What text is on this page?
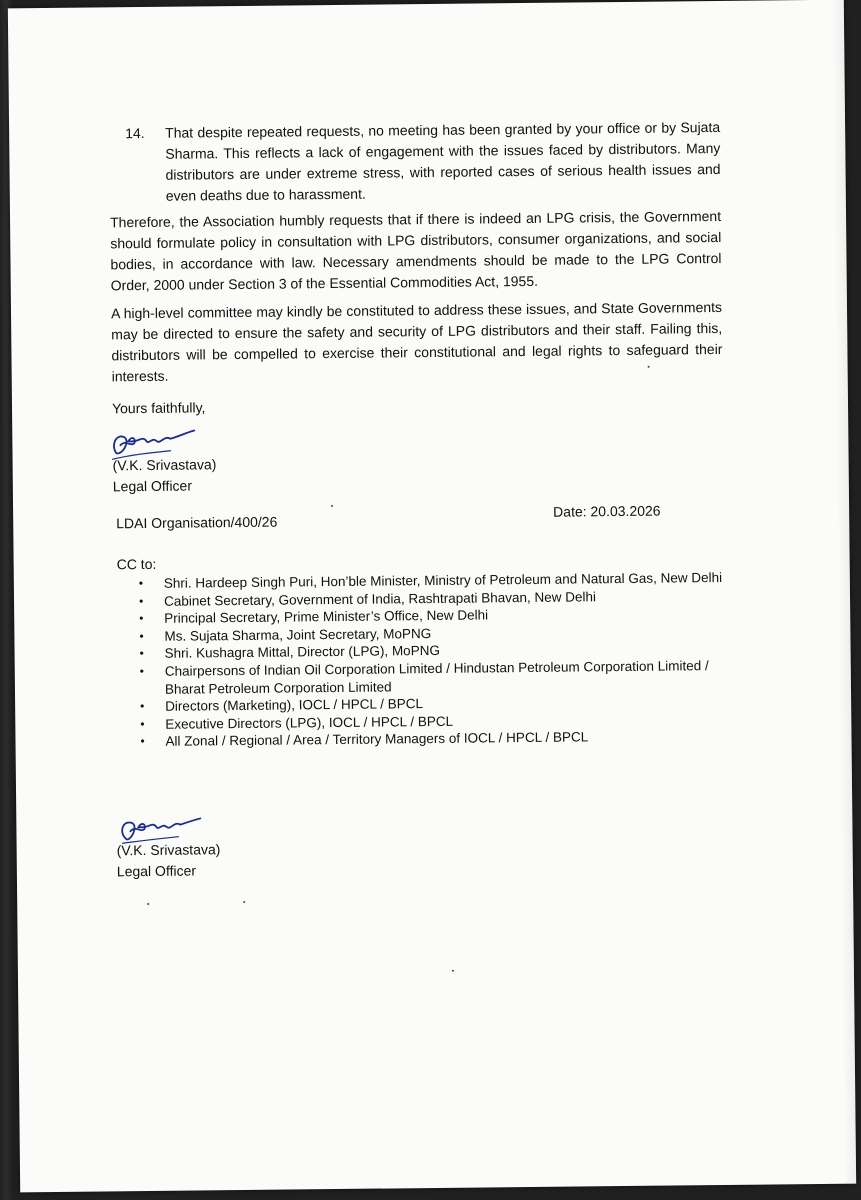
14.	That despite repeated requests, no meeting has been granted by your office or by Sujata Sharma. This reflects a lack of engagement with the issues faced by distributors. Many distributors are under extreme stress, with reported cases of serious health issues and even deaths due to harassment.
Therefore, the Association humbly requests that if there is indeed an LPG crisis, the Government should formulate policy in consultation with LPG distributors, consumer organizations, and social bodies, in accordance with law. Necessary amendments should be made to the LPG Control Order, 2000 under Section 3 of the Essential Commodities Act, 1955.
A high-level committee may kindly be constituted to address these issues, and State Governments may be directed to ensure the safety and security of LPG distributors and their staff. Failing this, distributors will be compelled to exercise their constitutional and legal rights to safeguard their interests.
Yours faithfully,
(V.K. Srivastava)
Legal Officer
LDAI Organisation/400/26
Date: 20.03.2026
CC to:
• Shri. Hardeep Singh Puri, Hon’ble Minister, Ministry of Petroleum and Natural Gas, New Delhi
• Cabinet Secretary, Government of India, Rashtrapati Bhavan, New Delhi
• Principal Secretary, Prime Minister’s Office, New Delhi
• Ms. Sujata Sharma, Joint Secretary, MoPNG
• Shri. Kushagra Mittal, Director (LPG), MoPNG
• Chairpersons of Indian Oil Corporation Limited / Hindustan Petroleum Corporation Limited / Bharat Petroleum Corporation Limited
• Directors (Marketing), IOCL / HPCL / BPCL
• Executive Directors (LPG), IOCL / HPCL / BPCL
• All Zonal / Regional / Area / Territory Managers of IOCL / HPCL / BPCL
(V.K. Srivastava)
Legal Officer
